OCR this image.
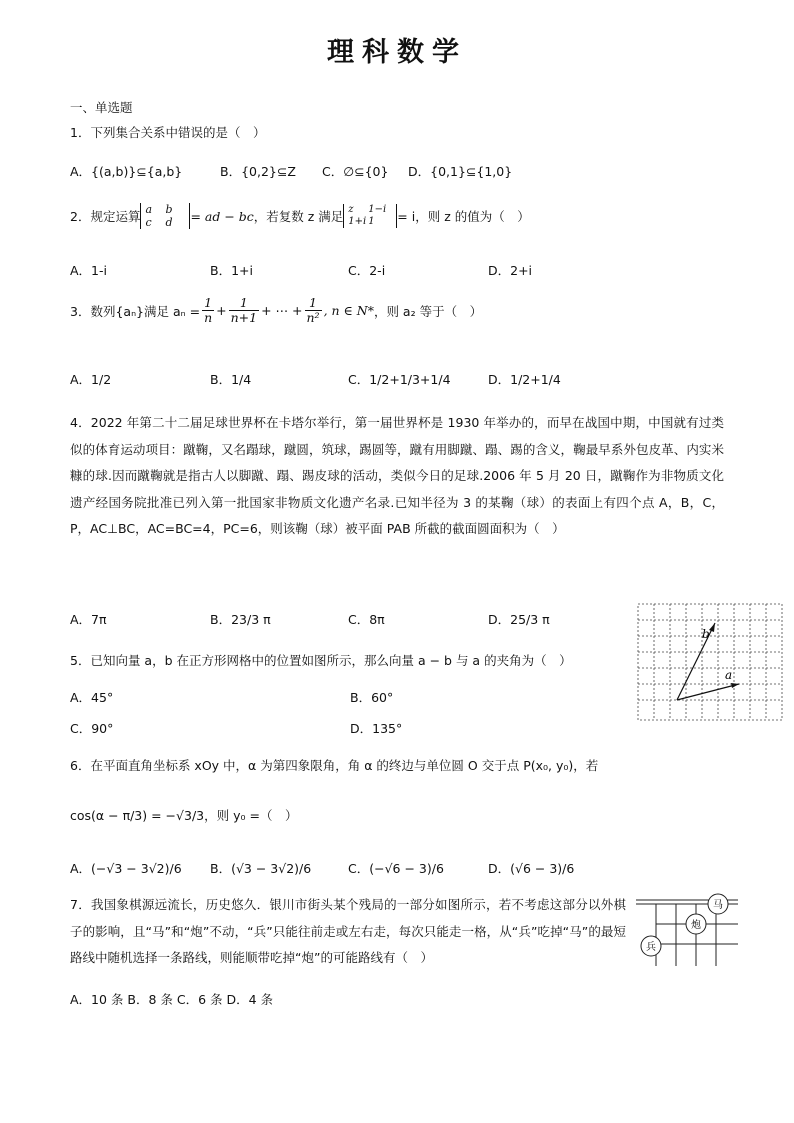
理科数学
一、单选题
1．下列集合关系中错误的是（　）
A．{(a,b)}⊆{a,b}	B．{0,2}⊆Z C．∅⊆{0} D．{0,1}⊆{1,0}
2．规定运算 a b
c d	= ad − bc ，若复数 z 满足 z 1−i
1+i 1	= i，则 z 的值为（　）
A．1-i	B．1+i	C．2-i	D．2+i
3．数列{aₙ}满足 $a_n = \frac{1}{n} + \frac{1}{n+1}$ + ⋯ + $\frac{1}{\text{n²}}$ , n ∈ N* ，则 a₂ 等于（　）
A．1/2	B．1/4	C．1/2+1/3+1/4	D．1/2+1/4
4．2022 年第二十二届足球世界杯在卡塔尔举行，第一届世界杯是 1930 年举办的，而早在战国中期，中国就有过类似的体育运动项目：蹴鞠，又名蹋球，蹴圆，筑球，踢圆等，蹴有用脚蹴、蹋、踢的含义，鞠最早系外包皮革、内实米糠的球.因而蹴鞠就是指古人以脚蹴、蹋、踢皮球的活动，类似今日的足球.2006 年 5 月 20 日，蹴鞠作为非物质文化遗产经国务院批准已列入第一批国家非物质文化遗产名录.已知半径为 3 的某鞠（球）的表面上有四个点 A，B，C，P，AC⊥BC，AC=BC=4，PC=6，则该鞠（球）被平面 PAB 所截的截面圆面积为（　）
A．7π	B．23/3 π	C．8π	D．25/3 π
b
a
5．已知向量 a，b 在正方形网格中的位置如图所示，那么向量 a − b 与 a 的夹角为（　）
A．45°	B．60°
C．90°	D．135°
6．在平面直角坐标系 xOy 中，α 为第四象限角，角 α 的终边与单位圆 O 交于点 P(x₀, y₀)，若
cos(α − π/3) = −√3/3，则 y₀ =（　）
A．(−√3 − 3√2)/6 B．(√3 − 3√2)/6	C．(−√6 − 3)/6	D．(√6 − 3)/6
马
炮
兵
7．我国象棋源远流长，历史悠久．银川市街头某个残局的一部分如图所示，若不考虑这部分以外棋子的影响，且“马”和“炮”不动，“兵”只能往前走或左右走，每次只能走一格，从“兵”吃掉“马”的最短路线中随机选择一条路线，则能顺带吃掉“炮”的可能路线有（　）
A．10 条 B．8 条 C．6 条 D．4 条
